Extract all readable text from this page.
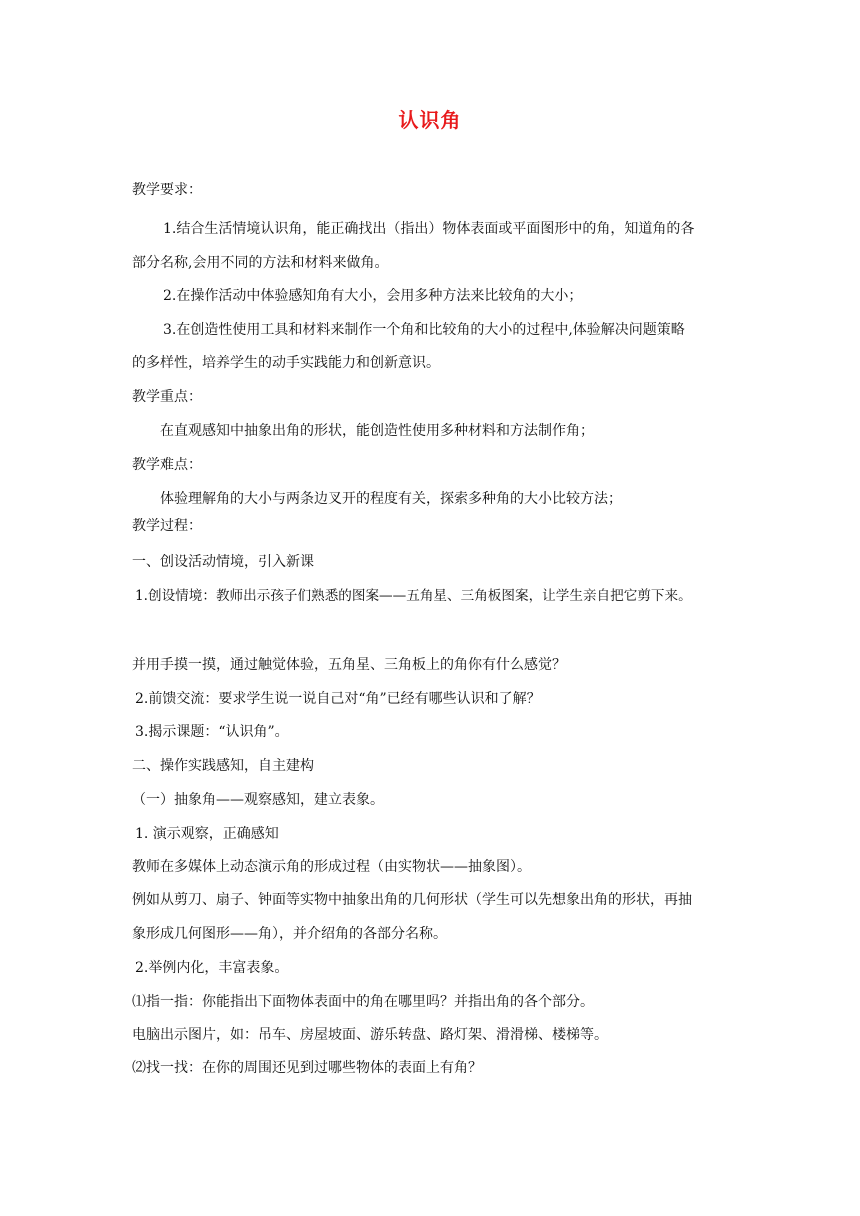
认识角
教学要求：
1.结合生活情境认识角，能正确找出（指出）物体表面或平面图形中的角，知道角的各
部分名称,会用不同的方法和材料来做角。
2.在操作活动中体验感知角有大小，会用多种方法来比较角的大小；
3.在创造性使用工具和材料来制作一个角和比较角的大小的过程中,体验解决问题策略
的多样性，培养学生的动手实践能力和创新意识。
教学重点：
在直观感知中抽象出角的形状，能创造性使用多种材料和方法制作角；
教学难点：
体验理解角的大小与两条边叉开的程度有关，探索多种角的大小比较方法；
教学过程：
一、创设活动情境，引入新课
1.创设情境：教师出示孩子们熟悉的图案——五角星、三角板图案，让学生亲自把它剪下来。
并用手摸一摸，通过触觉体验，五角星、三角板上的角你有什么感觉？
2.前馈交流：要求学生说一说自己对“角”已经有哪些认识和了解？
3.揭示课题：“认识角”。
二、操作实践感知，自主建构
（一）抽象角——观察感知，建立表象。
1. 演示观察，正确感知
教师在多媒体上动态演示角的形成过程（由实物状——抽象图）。
例如从剪刀、扇子、钟面等实物中抽象出角的几何形状（学生可以先想象出角的形状，再抽
象形成几何图形——角），并介绍角的各部分名称。
2.举例内化，丰富表象。
⑴指一指：你能指出下面物体表面中的角在哪里吗？并指出角的各个部分。
电脑出示图片，如：吊车、房屋坡面、游乐转盘、路灯架、滑滑梯、楼梯等。
⑵找一找：在你的周围还见到过哪些物体的表面上有角？
